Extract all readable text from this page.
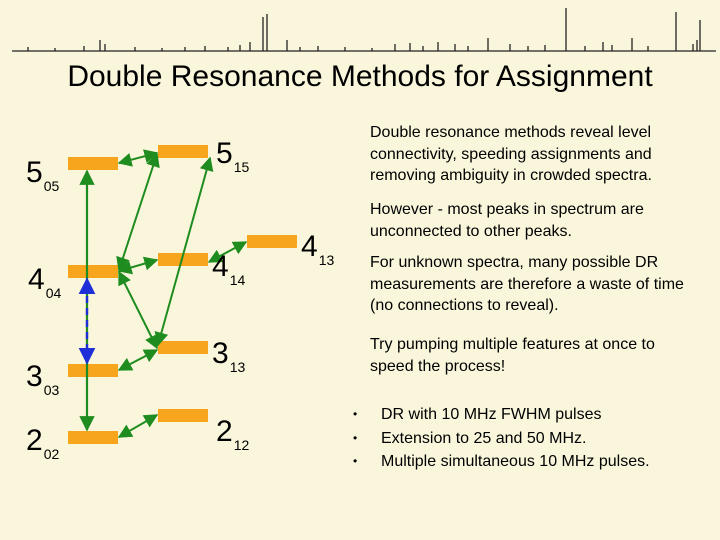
Double Resonance Methods for Assignment
$5_{05}$
$4_{04}$
$3_{03}$
$2_{02}$
$5_{15}$
$4_{14}$
$3_{13}$
$2_{12}$
$4_{13}$
Double resonance methods reveal level connectivity, speeding assignments and removing ambiguity in crowded spectra.
However - most peaks in spectrum are unconnected to other peaks.
For unknown spectra, many possible DR measurements are therefore a waste of time (no connections to reveal).
Try pumping multiple features at once to speed the process!
• DR with 10 MHz FWHM pulses
• Extension to 25 and 50 MHz.
• Multiple simultaneous 10 MHz pulses.
